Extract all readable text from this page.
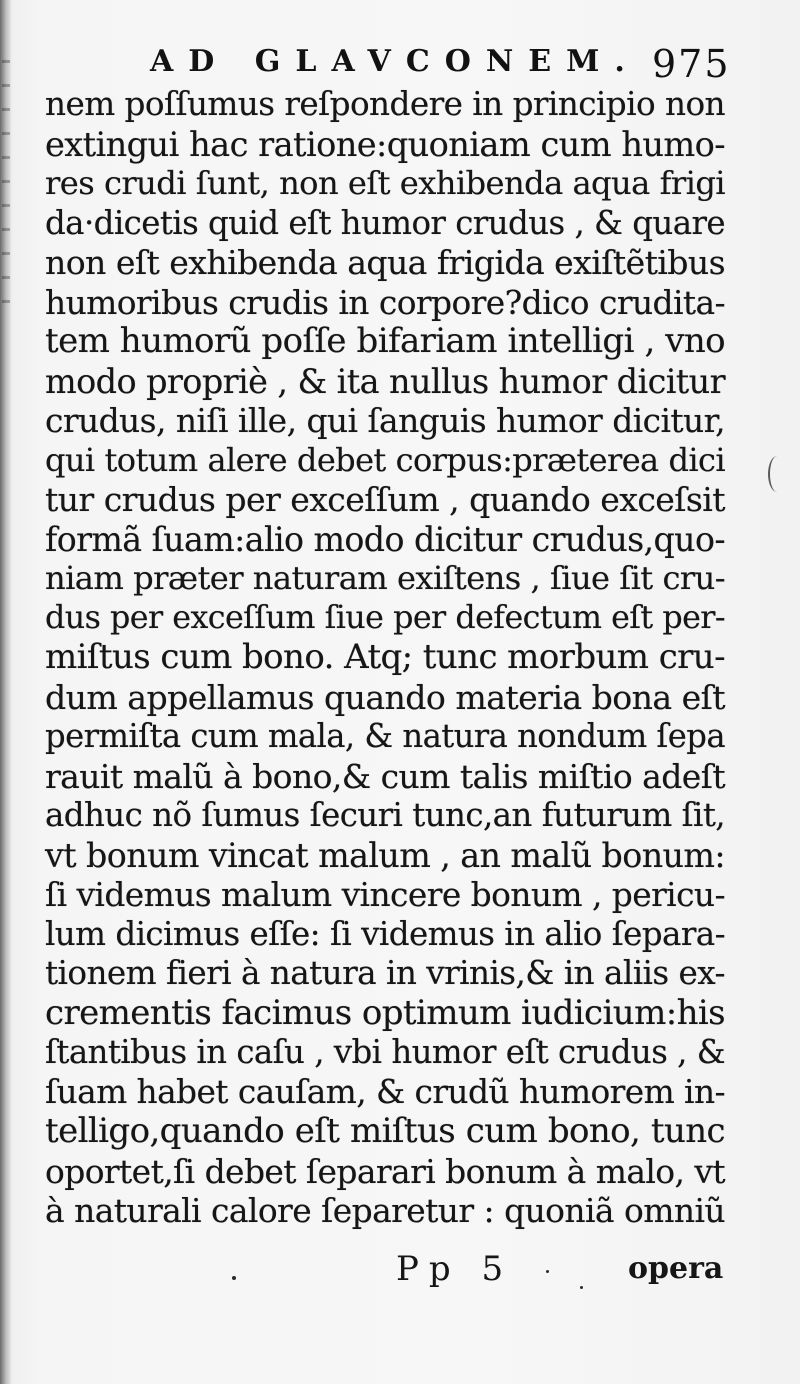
AD GLAVCONEM. 975
nem poſſumus reſpondere in principio non
extingui hac ratione:quoniam cum humo-
res crudi ſunt, non eſt exhibenda aqua frigi
da·dicetis quid eſt humor crudus , & quare
non eſt exhibenda aqua frigida exiſtẽtibus
humoribus crudis in corpore?dico crudita-
tem humorũ poſſe bifariam intelligi , vno
modo propriè , & ita nullus humor dicitur
crudus, niſi ille, qui ſanguis humor dicitur,
qui totum alere debet corpus:prӕterea dici
tur crudus per exceſſum , quando exceſsit
formã ſuam:alio modo dicitur crudus,quo-
niam prӕter naturam exiſtens , ſiue ſit cru-
dus per exceſſum ſiue per defectum eſt per-
miſtus cum bono. Atq; tunc morbum cru-
dum appellamus quando materia bona eſt
permiſta cum mala, & natura nondum ſepa
rauit malũ à bono,& cum talis miſtio adeſt
adhuc nõ ſumus ſecuri tunc,an futurum ſit,
vt bonum vincat malum , an malũ bonum:
ſi videmus malum vincere bonum , pericu-
lum dicimus eſſe: ſi videmus in alio ſepara-
tionem fieri à natura in vrinis,& in aliis ex-
crementis facimus optimum iudicium:his
ſtantibus in caſu , vbi humor eſt crudus , &
ſuam habet cauſam, & crudũ humorem in-
telligo,quando eſt miſtus cum bono, tunc
oportet,ſi debet ſeparari bonum à malo, vt
à naturali calore ſeparetur : quoniã omniũ
Pp 5	opera
